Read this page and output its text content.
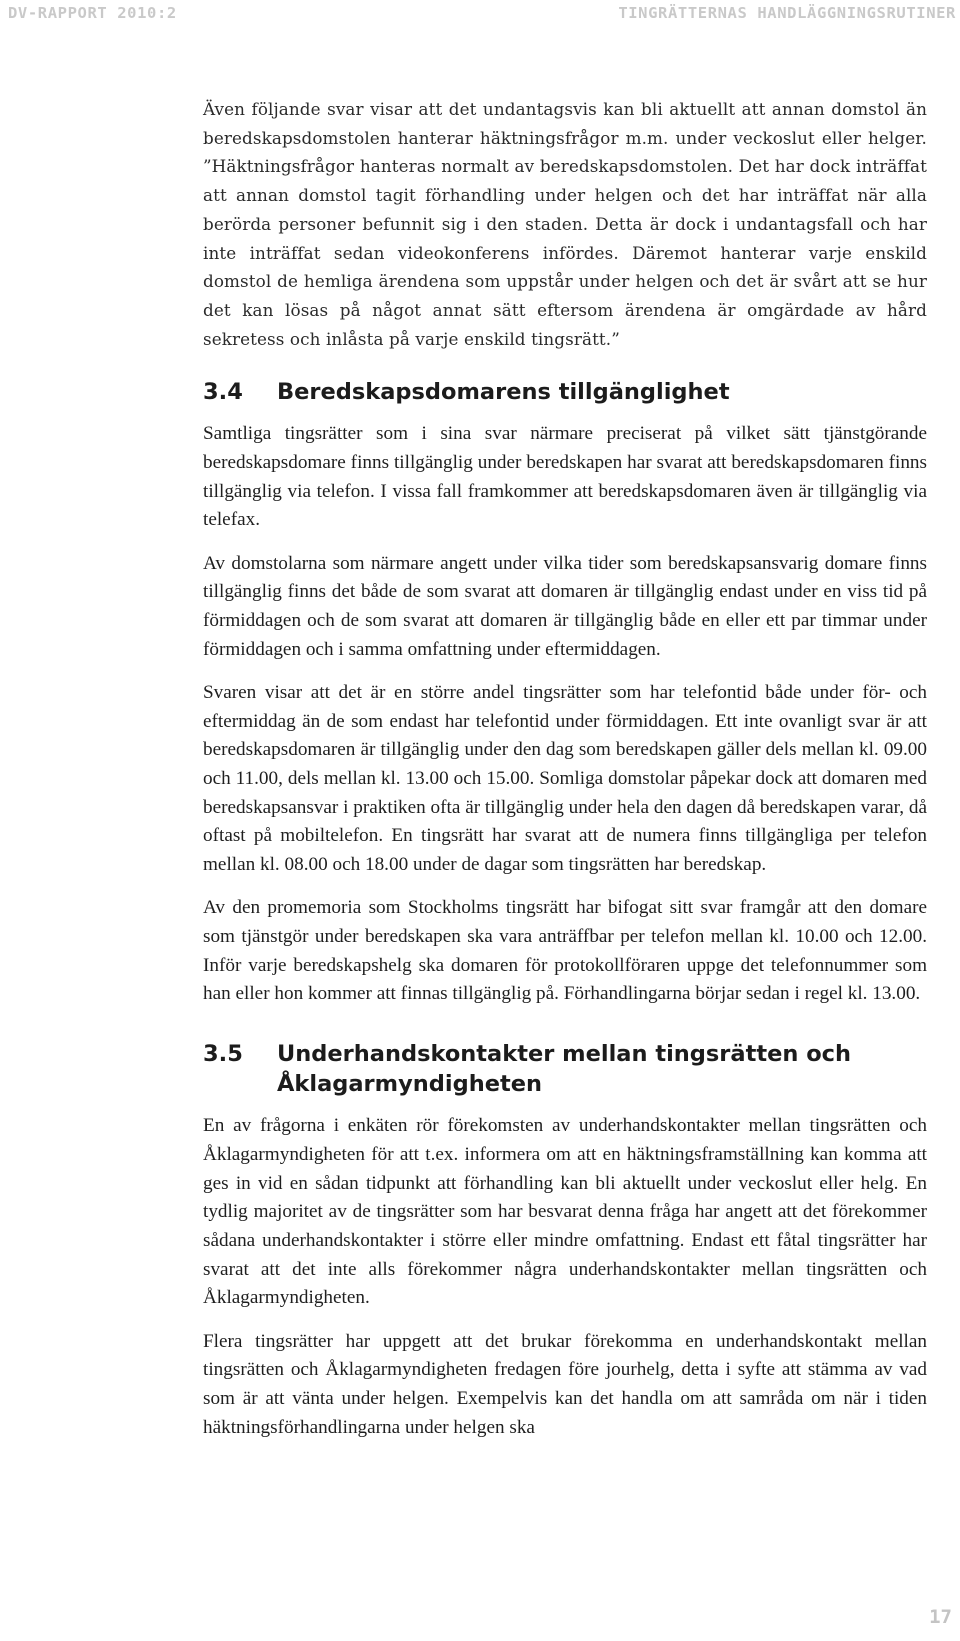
DV-RAPPORT 2010:2	TINGRÄTTERNAS HANDLÄGGNINGSRUTINER

Även följande svar visar att det undantagsvis kan bli aktuellt att annan domstol än beredskapsdomstolen hanterar häktningsfrågor m.m. under veckoslut eller helger. ”Häktningsfrågor hanteras normalt av beredskapsdomstolen. Det har dock inträffat att annan domstol tagit förhandling under helgen och det har inträffat när alla berörda personer befunnit sig i den staden. Detta är dock i undantagsfall och har inte inträffat sedan videokonferens infördes. Däremot hanterar varje enskild domstol de hemliga ärendena som uppstår under helgen och det är svårt att se hur det kan lösas på något annat sätt eftersom ärendena är omgärdade av hård sekretess och inlåsta på varje enskild tingsrätt.”

3.4	Beredskapsdomarens tillgänglighet

Samtliga tingsrätter som i sina svar närmare preciserat på vilket sätt tjänstgörande beredskapsdomare finns tillgänglig under beredskapen har svarat att beredskapsdomaren finns tillgänglig via telefon. I vissa fall framkommer att beredskapsdomaren även är tillgänglig via telefax.

Av domstolarna som närmare angett under vilka tider som beredskapsansvarig domare finns tillgänglig finns det både de som svarat att domaren är tillgänglig endast under en viss tid på förmiddagen och de som svarat att domaren är tillgänglig både en eller ett par timmar under förmiddagen och i samma omfattning under eftermiddagen.

Svaren visar att det är en större andel tingsrätter som har telefontid både under för- och eftermiddag än de som endast har telefontid under förmiddagen. Ett inte ovanligt svar är att beredskapsdomaren är tillgänglig under den dag som beredskapen gäller dels mellan kl. 09.00 och 11.00, dels mellan kl. 13.00 och 15.00. Somliga domstolar påpekar dock att domaren med beredskapsansvar i praktiken ofta är tillgänglig under hela den dagen då beredskapen varar, då oftast på mobiltelefon. En tingsrätt har svarat att de numera finns tillgängliga per telefon mellan kl. 08.00 och 18.00 under de dagar som tingsrätten har beredskap.

Av den promemoria som Stockholms tingsrätt har bifogat sitt svar framgår att den domare som tjänstgör under beredskapen ska vara anträffbar per telefon mellan kl. 10.00 och 12.00. Inför varje beredskapshelg ska domaren för protokollföraren uppge det telefonnummer som han eller hon kommer att finnas tillgänglig på. Förhandlingarna börjar sedan i regel kl. 13.00.

3.5	Underhandskontakter mellan tingsrätten och
Åklagarmyndigheten

En av frågorna i enkäten rör förekomsten av underhandskontakter mellan tingsrätten och Åklagarmyndigheten för att t.ex. informera om att en häktningsframställning kan komma att ges in vid en sådan tidpunkt att förhandling kan bli aktuellt under veckoslut eller helg. En tydlig majoritet av de tingsrätter som har besvarat denna fråga har angett att det förekommer sådana underhandskontakter i större eller mindre omfattning. Endast ett fåtal tingsrätter har svarat att det inte alls förekommer några underhandskontakter mellan tingsrätten och Åklagarmyndigheten.

Flera tingsrätter har uppgett att det brukar förekomma en underhandskontakt mellan tingsrätten och Åklagarmyndigheten fredagen före jourhelg, detta i syfte att stämma av vad som är att vänta under helgen. Exempelvis kan det handla om att samråda om när i tiden häktningsförhandlingarna under helgen ska

17
